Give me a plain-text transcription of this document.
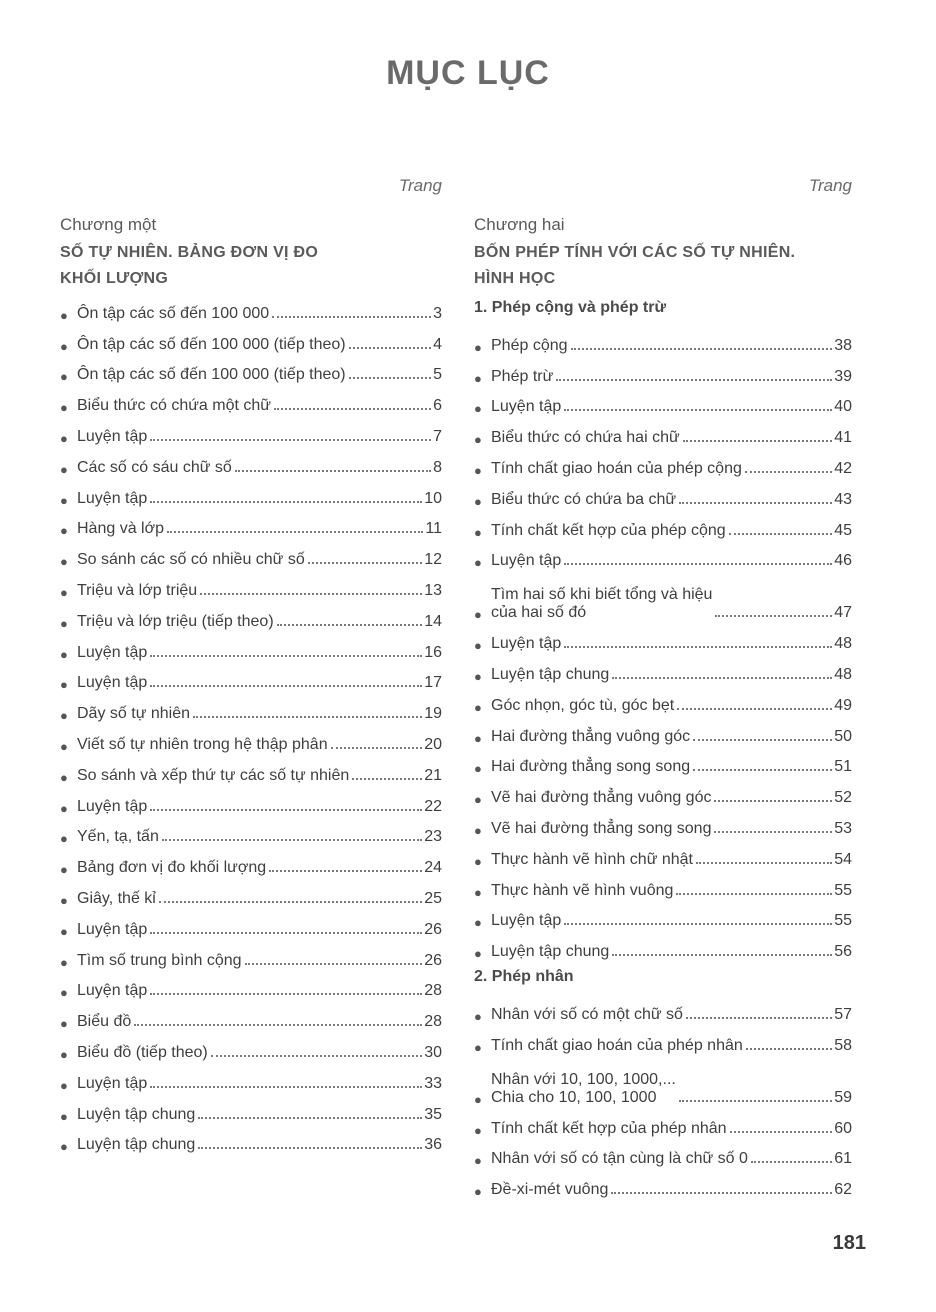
MỤC LỤC
Trang
Chương một
SỐ TỰ NHIÊN. BẢNG ĐƠN VỊ ĐO
KHỐI LƯỢNG
● Ôn tập các số đến 100 000	3
● Ôn tập các số đến 100 000 (tiếp theo)	4
● Ôn tập các số đến 100 000 (tiếp theo)	5
● Biểu thức có chứa một chữ	6
● Luyện tập	7
● Các số có sáu chữ số	8
● Luyện tập	10
● Hàng và lớp	11
● So sánh các số có nhiều chữ số	12
● Triệu và lớp triệu	13
● Triệu và lớp triệu (tiếp theo)	14
● Luyện tập	16
● Luyện tập	17
● Dãy số tự nhiên	19
● Viết số tự nhiên trong hệ thập phân	20
● So sánh và xếp thứ tự các số tự nhiên	21
● Luyện tập	22
● Yến, tạ, tấn	23
● Bảng đơn vị đo khối lượng	24
● Giây, thế kỉ	25
● Luyện tập	26
● Tìm số trung bình cộng	26
● Luyện tập	28
● Biểu đồ	28
● Biểu đồ (tiếp theo)	30
● Luyện tập	33
● Luyện tập chung	35
● Luyện tập chung	36
Trang
Chương hai
BỐN PHÉP TÍNH VỚI CÁC SỐ TỰ NHIÊN.
HÌNH HỌC
1. Phép cộng và phép trừ
● Phép cộng	38
● Phép trừ	39
● Luyện tập	40
● Biểu thức có chứa hai chữ	41
● Tính chất giao hoán của phép cộng	42
● Biểu thức có chứa ba chữ	43
● Tính chất kết hợp của phép cộng	45
● Luyện tập	46
●
Tìm hai số khi biết tổng và hiệu
của hai số đó	47
● Luyện tập	48
● Luyện tập chung	48
● Góc nhọn, góc tù, góc bẹt	49
● Hai đường thẳng vuông góc	50
● Hai đường thẳng song song	51
● Vẽ hai đường thẳng vuông góc	52
● Vẽ hai đường thẳng song song	53
● Thực hành vẽ hình chữ nhật	54
● Thực hành vẽ hình vuông	55
● Luyện tập	55
● Luyện tập chung	56
2. Phép nhân
● Nhân với số có một chữ số	57
● Tính chất giao hoán của phép nhân	58
●
Nhân với 10, 100, 1000,...
Chia cho 10, 100, 1000	59
● Tính chất kết hợp của phép nhân	60
● Nhân với số có tận cùng là chữ số 0	61
● Đề-xi-mét vuông	62
181
